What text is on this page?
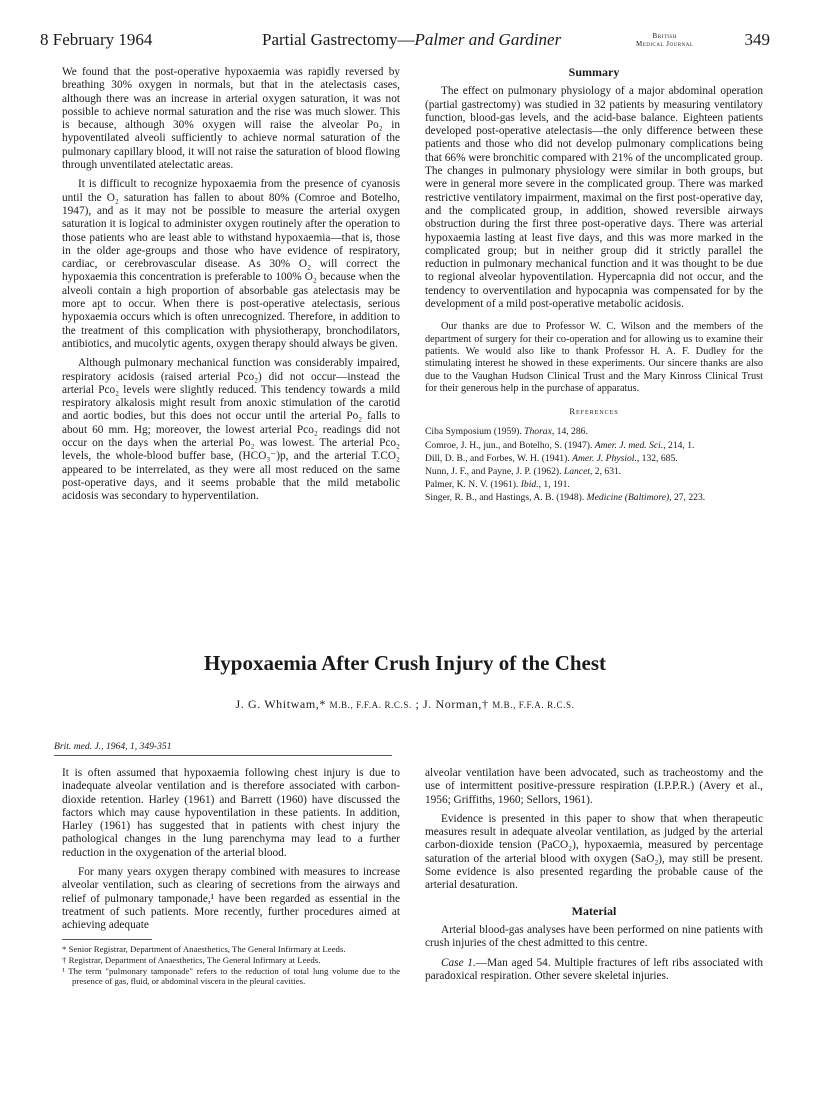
8 February 1964	Partial Gastrectomy—Palmer and Gardiner	British
Medical Journal	349

We found that the post-operative hypoxaemia was rapidly reversed by breathing 30% oxygen in normals, but that in the atelectasis cases, although there was an increase in arterial oxygen saturation, it was not possible to achieve normal saturation and the rise was much slower. This is because, although 30% oxygen will raise the alveolar Po₂ in hypoventilated alveoli sufficiently to achieve normal saturation of the pulmonary capillary blood, it will not raise the saturation of blood flowing through unventilated atelectatic areas.

It is difficult to recognize hypoxaemia from the presence of cyanosis until the O₂ saturation has fallen to about 80% (Comroe and Botelho, 1947), and as it may not be possible to measure the arterial oxygen saturation it is logical to administer oxygen routinely after the operation to those patients who are least able to withstand hypoxaemia—that is, those in the older age-groups and those who have evidence of respiratory, cardiac, or cerebrovascular disease. As 30% O₂ will correct the hypoxaemia this concentration is preferable to 100% O₂ because when the alveoli contain a high proportion of absorbable gas atelectasis may be more apt to occur. When there is post-operative atelectasis, serious hypoxaemia occurs which is often unrecognized. Therefore, in addition to the treatment of this complication with physiotherapy, bronchodilators, antibiotics, and mucolytic agents, oxygen therapy should always be given.

Although pulmonary mechanical function was considerably impaired, respiratory acidosis (raised arterial Pco₂) did not occur—instead the arterial Pco₂ levels were slightly reduced. This tendency towards a mild respiratory alkalosis might result from anoxic stimulation of the carotid and aortic bodies, but this does not occur until the arterial Po₂ falls to about 60 mm. Hg; moreover, the lowest arterial Pco₂ readings did not occur on the days when the arterial Po₂ was lowest. The arterial Pco₂ levels, the whole-blood buffer base, (HCO₃⁻)p, and the arterial T.CO₂ appeared to be interrelated, as they were all most reduced on the same post-operative days, and it seems probable that the mild metabolic acidosis was secondary to hyperventilation.

Summary

The effect on pulmonary physiology of a major abdominal operation (partial gastrectomy) was studied in 32 patients by measuring ventilatory function, blood-gas levels, and the acid-base balance. Eighteen patients developed post-operative atelectasis—the only difference between these patients and those who did not develop pulmonary complications being that 66% were bronchitic compared with 21% of the uncomplicated group. The changes in pulmonary physiology were similar in both groups, but were in general more severe in the complicated group. There was marked restrictive ventilatory impairment, maximal on the first post-operative day, and the complicated group, in addition, showed reversible airways obstruction during the first three post-operative days. There was arterial hypoxaemia lasting at least five days, and this was more marked in the complicated group; but in neither group did it strictly parallel the reduction in pulmonary mechanical function and it was thought to be due to regional alveolar hypoventilation. Hypercapnia did not occur, and the tendency to overventilation and hypocapnia was compensated for by the development of a mild post-operative metabolic acidosis.

Our thanks are due to Professor W. C. Wilson and the members of the department of surgery for their co-operation and for allowing us to examine their patients. We would also like to thank Professor H. A. F. Dudley for the stimulating interest he showed in these experiments. Our sincere thanks are also due to the Vaughan Hudson Clinical Trust and the Mary Kinross Clinical Trust for their generous help in the purchase of apparatus.

References
Ciba Symposium (1959). Thorax, 14, 286.
Comroe, J. H., jun., and Botelho, S. (1947). Amer. J. med. Sci., 214, 1.
Dill, D. B., and Forbes, W. H. (1941). Amer. J. Physiol., 132, 685.
Nunn, J. F., and Payne, J. P. (1962). Lancet, 2, 631.
Palmer, K. N. V. (1961). Ibid., 1, 191.
Singer, R. B., and Hastings, A. B. (1948). Medicine (Baltimore), 27, 223.
Hypoxaemia After Crush Injury of the Chest
J. G. Whitwam,* M.B., F.F.A. R.C.S. ; J. Norman,† M.B., F.F.A. R.C.S.
Brit. med. J., 1964, 1, 349-351

It is often assumed that hypoxaemia following chest injury is due to inadequate alveolar ventilation and is therefore associated with carbon-dioxide retention. Harley (1961) and Barrett (1960) have discussed the factors which may cause hypoventilation in these patients. In addition, Harley (1961) has suggested that in patients with chest injury the pathological changes in the lung parenchyma may lead to a further reduction in the oxygenation of the arterial blood.

For many years oxygen therapy combined with measures to increase alveolar ventilation, such as clearing of secretions from the airways and relief of pulmonary tamponade,¹ have been regarded as essential in the treatment of such patients. More recently, further procedures aimed at achieving adequate

* Senior Registrar, Department of Anaesthetics, The General Infirmary at Leeds.
† Registrar, Department of Anaesthetics, The General Infirmary at Leeds.
¹ The term "pulmonary tamponade" refers to the reduction of total lung volume due to the presence of gas, fluid, or abdominal viscera in the pleural cavities.

alveolar ventilation have been advocated, such as tracheostomy and the use of intermittent positive-pressure respiration (I.P.P.R.) (Avery et al., 1956; Griffiths, 1960; Sellors, 1961).

Evidence is presented in this paper to show that when therapeutic measures result in adequate alveolar ventilation, as judged by the arterial carbon-dioxide tension (PaCO₂), hypoxaemia, measured by percentage saturation of the arterial blood with oxygen (SaO₂), may still be present. Some evidence is also presented regarding the probable cause of the arterial desaturation.

Material

Arterial blood-gas analyses have been performed on nine patients with crush injuries of the chest admitted to this centre.

Case 1.—Man aged 54. Multiple fractures of left ribs associated with paradoxical respiration. Other severe skeletal injuries.
